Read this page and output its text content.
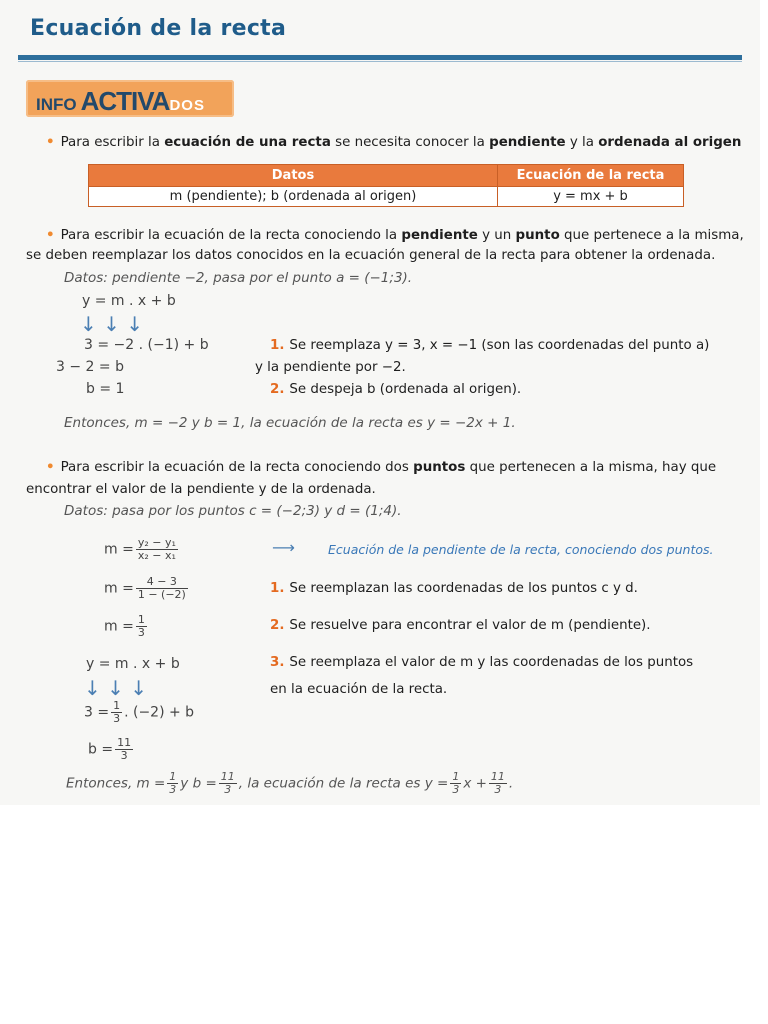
Ecuación de la recta
INFO ACTIVADOS
• Para escribir la ecuación de una recta se necesita conocer la pendiente y la ordenada al origen
Datos	Ecuación de la recta
m (pendiente); b (ordenada al origen)	y = mx + b
• Para escribir la ecuación de la recta conociendo la pendiente y un punto que pertenece a la misma,
se deben reemplazar los datos conocidos en la ecuación general de la recta para obtener la ordenada.
Datos: pendiente −2, pasa por el punto a = (−1;3).
y = m . x + b
↓ ↓ ↓
3 = −2 . (−1) + b
3 − 2 = b
b = 1
1. Se reemplaza y = 3, x = −1 (son las coordenadas del punto a)
y la pendiente por −2.
2. Se despeja b (ordenada al origen).
Entonces, m = −2 y b = 1, la ecuación de la recta es y = −2x + 1.
• Para escribir la ecuación de la recta conociendo dos puntos que pertenecen a la misma, hay que
encontrar el valor de la pendiente y de la ordenada.
Datos: pasa por los puntos c = (−2;3) y d = (1;4).
$m = \frac{\text{y₂ − y₁}}{\text{x₂ − x₁}}$	⟶	Ecuación de la pendiente de la recta, conociendo dos puntos.
$m = \frac{4 - 3}{1 - (-2)}$	1. Se reemplazan las coordenadas de los puntos c y d.
$m = \frac{1}{3}$	2. Se resuelve para encontrar el valor de m (pendiente).
y = m . x + b	3. Se reemplaza el valor de m y las coordenadas de los puntos
en la ecuación de la recta.
↓ ↓ ↓
$3 = \frac{1}{3}$ . (−2) + b
$b = \frac{11}{3}$
Entonces, $m = \frac{1}{3}$ y $b = \frac{11}{3}$ , la ecuación de la recta es $y = \frac{1}{3}$ $x + \frac{11}{3}$ .
